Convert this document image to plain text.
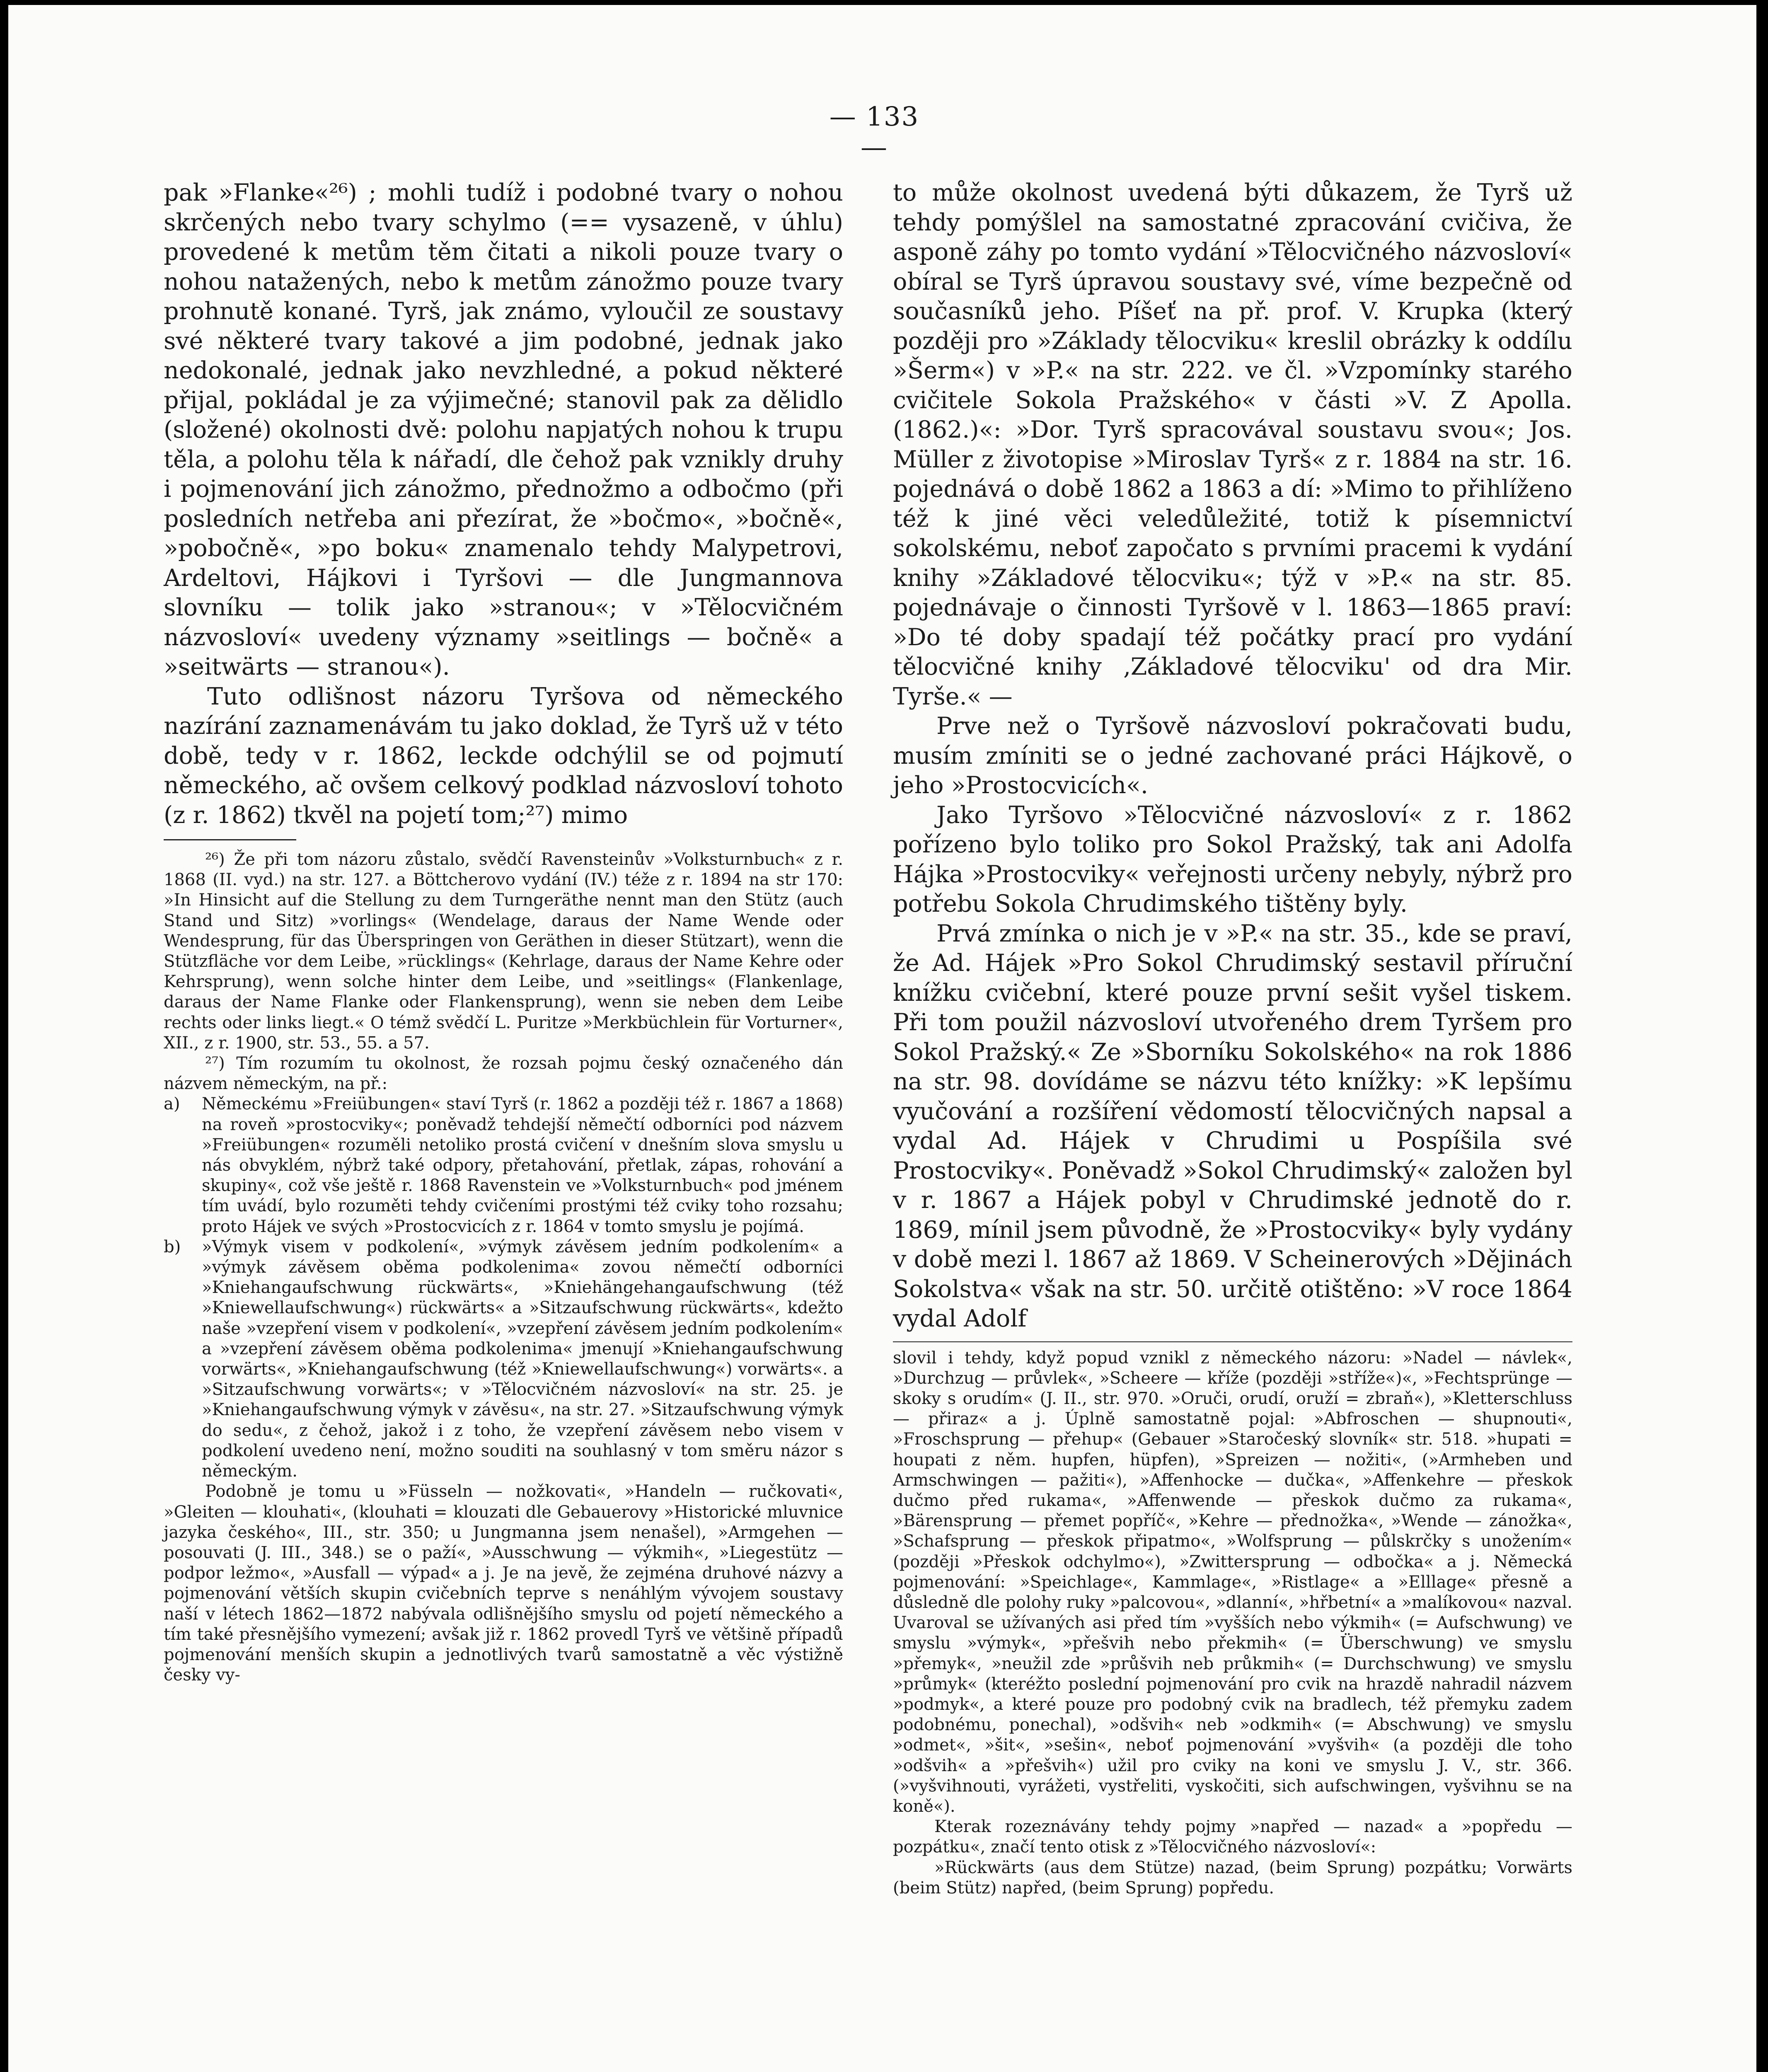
— 133 —

pak »Flanke«²⁶) ; mohli tudíž i podobné tvary o nohou skrčených nebo tvary schylmo (== vysazeně, v úhlu) provedené k metům těm čitati a nikoli pouze tvary o nohou natažených, nebo k metům zánožmo pouze tvary prohnutě konané. Tyrš, jak známo, vyloučil ze soustavy své některé tvary takové a jim podobné, jednak jako nedokonalé, jednak jako nevzhledné, a pokud některé přijal, pokládal je za výjimečné; stanovil pak za dělidlo (složené) okolnosti dvě: polohu napjatých nohou k trupu těla, a polohu těla k nářadí, dle čehož pak vznikly druhy i pojmenování jich zánožmo, přednožmo a odbočmo (při posledních netřeba ani přezírat, že »bočmo«, »bočně«, »pobočně«, »po boku« znamenalo tehdy Malypetrovi, Ardeltovi, Hájkovi i Tyršovi — dle Jungmannova slovníku — tolik jako »stranou«; v »Tělocvičném názvosloví« uvedeny významy »seitlings — bočně« a »seitwärts — stranou«).

Tuto odlišnost názoru Tyršova od německého nazírání zaznamenávám tu jako doklad, že Tyrš už v této době, tedy v r. 1862, leckde odchýlil se od pojmutí německého, ač ovšem celkový podklad názvosloví tohoto (z r. 1862) tkvěl na pojetí tom;²⁷) mimo

²⁶) Že při tom názoru zůstalo, svědčí Ravensteinův »Volksturnbuch« z r. 1868 (II. vyd.) na str. 127. a Böttcherovo vydání (IV.) téže z r. 1894 na str 170: »In Hinsicht auf die Stellung zu dem Turngeräthe nennt man den Stütz (auch Stand und Sitz) »vorlings« (Wendelage, daraus der Name Wende oder Wendesprung, für das Überspringen von Geräthen in dieser Stützart), wenn die Stützfläche vor dem Leibe, »rücklings« (Kehrlage, daraus der Name Kehre oder Kehrsprung), wenn solche hinter dem Leibe, und »seitlings« (Flankenlage, daraus der Name Flanke oder Flankensprung), wenn sie neben dem Leibe rechts oder links liegt.« O témž svědčí L. Puritze »Merkbüchlein für Vorturner«, XII., z r. 1900, str. 53., 55. a 57.

²⁷) Tím rozumím tu okolnost, že rozsah pojmu český označeného dán názvem německým, na př.:

a)	Německému »Freiübungen« staví Tyrš (r. 1862 a později též r. 1867 a 1868) na roveň »prostocviky«; poněvadž tehdejší němečtí odborníci pod názvem »Freiübungen« rozuměli netoliko prostá cvičení v dnešním slova smyslu u nás obvyklém, nýbrž také odpory, přetahování, přetlak, zápas, rohování a skupiny«, což vše ještě r. 1868 Ravenstein ve »Volksturnbuch« pod jménem tím uvádí, bylo rozuměti tehdy cvičeními prostými též cviky toho rozsahu; proto Hájek ve svých »Prostocvicích z r. 1864 v tomto smyslu je pojímá.
b)	»Výmyk visem v podkolení«, »výmyk závěsem jedním podkolením« a »výmyk závěsem oběma podkolenima« zovou němečtí odborníci »Kniehangaufschwung rückwärts«, »Kniehängehangaufschwung (též »Kniewellaufschwung«) rückwärts« a »Sitzaufschwung rückwärts«, kdežto naše »vzepření visem v podkolení«, »vzepření závěsem jedním podkolením« a »vzepření závěsem oběma podkolenima« jmenují »Kniehangaufschwung vorwärts«, »Kniehangaufschwung (též »Kniewellaufschwung«) vorwärts«. a »Sitzaufschwung vorwärts«; v »Tělocvičném názvosloví« na str. 25. je »Kniehangaufschwung výmyk v závěsu«, na str. 27. »Sitzaufschwung výmyk do sedu«, z čehož, jakož i z toho, že vzepření závěsem nebo visem v podkolení uvedeno není, možno souditi na souhlasný v tom směru názor s německým.

Podobně je tomu u »Füsseln — nožkovati«, »Handeln — ručkovati«, »Gleiten — klouhati«, (klouhati = klouzati dle Gebauerovy »Historické mluvnice jazyka českého«, III., str. 350; u Jungmanna jsem nenašel), »Armgehen — posouvati (J. III., 348.) se o paží«, »Ausschwung — výkmih«, »Liegestütz — podpor ležmo«, »Ausfall — výpad« a j. Je na jevě, že zejména druhové názvy a pojmenování větších skupin cvičebních teprve s nenáhlým vývojem soustavy naší v létech 1862—1872 nabývala odlišnějšího smyslu od pojetí německého a tím také přesnějšího vymezení; avšak již r. 1862 provedl Tyrš ve většině případů pojmenování menších skupin a jednotlivých tvarů samostatně a věc výstižně česky vy-

to může okolnost uvedená býti důkazem, že Tyrš už tehdy pomýšlel na samostatné zpracování cvičiva, že asponě záhy po tomto vydání »Tělocvičného názvosloví« obíral se Tyrš úpravou soustavy své, víme bezpečně od současníků jeho. Píšeť na př. prof. V. Krupka (který později pro »Základy tělocviku« kreslil obrázky k oddílu »Šerm«) v »P.« na str. 222. ve čl. »Vzpomínky starého cvičitele Sokola Pražského« v části »V. Z Apolla. (1862.)«: »Dor. Tyrš spracovával soustavu svou«; Jos. Müller z životopise »Miroslav Tyrš« z r. 1884 na str. 16. pojednává o době 1862 a 1863 a dí: »Mimo to přihlíženo též k jiné věci veledůležité, totiž k písemnictví sokolskému, neboť započato s prvními pracemi k vydání knihy »Základové tělocviku«; týž v »P.« na str. 85. pojednávaje o činnosti Tyršově v l. 1863—1865 praví: »Do té doby spadají též počátky prací pro vydání tělocvičné knihy ‚Základové tělocviku' od dra Mir. Tyrše.« —

Prve než o Tyršově názvosloví pokračovati budu, musím zmíniti se o jedné zachované práci Hájkově, o jeho »Prostocvicích«.

Jako Tyršovo »Tělocvičné názvosloví« z r. 1862 pořízeno bylo toliko pro Sokol Pražský, tak ani Adolfa Hájka »Prostocviky« veřejnosti určeny nebyly, nýbrž pro potřebu Sokola Chrudimského tištěny byly.

Prvá zmínka o nich je v »P.« na str. 35., kde se praví, že Ad. Hájek »Pro Sokol Chrudimský sestavil příruční knížku cvičební, které pouze první sešit vyšel tiskem. Při tom použil názvosloví utvořeného drem Tyršem pro Sokol Pražský.« Ze »Sborníku Sokolského« na rok 1886 na str. 98. dovídáme se názvu této knížky: »K lepšímu vyučování a rozšíření vědomostí tělocvičných napsal a vydal Ad. Hájek v Chrudimi u Pospíšila své Prostocviky«. Poněvadž »Sokol Chrudimský« založen byl v r. 1867 a Hájek pobyl v Chrudimské jednotě do r. 1869, mínil jsem původně, že »Prostocviky« byly vydány v době mezi l. 1867 až 1869. V Scheinerových »Dějinách Sokolstva« však na str. 50. určitě otištěno: »V roce 1864 vydal Adolf

slovil i tehdy, když popud vznikl z německého názoru: »Nadel — návlek«, »Durchzug — průvlek«, »Scheere — kříže (později »stříže«)«, »Fechtsprünge — skoky s orudím« (J. II., str. 970. »Oruči, orudí, oruží = zbraň«), »Kletterschluss — přiraz« a j. Úplně samostatně pojal: »Abfroschen — shupnouti«, »Froschsprung — přehup« (Gebauer »Staročeský slovník« str. 518. »hupati = houpati z něm. hupfen, hüpfen), »Spreizen — nožiti«, (»Armheben und Armschwingen — pažiti«), »Affenhocke — dučka«, »Affenkehre — přeskok dučmo před rukama«, »Affenwende — přeskok dučmo za rukama«, »Bärensprung — přemet popříč«, »Kehre — přednožka«, »Wende — zánožka«, »Schafsprung — přeskok připatmo«, »Wolfsprung — půlskrčky s unožením« (později »Přeskok odchylmo«), »Zwittersprung — odbočka« a j. Německá pojmenování: »Speichlage«, Kammlage«, »Ristlage« a »Elllage« přesně a důsledně dle polohy ruky »palcovou«, »dlanní«, »hřbetní« a »malíkovou« nazval. Uvaroval se užívaných asi před tím »vyšších nebo výkmih« (= Aufschwung) ve smyslu »výmyk«, »přešvih nebo překmih« (= Überschwung) ve smyslu »přemyk«, »neužil zde »průšvih neb průkmih« (= Durchschwung) ve smyslu »průmyk« (kteréžto poslední pojmenování pro cvik na hrazdě nahradil názvem »podmyk«, a které pouze pro podobný cvik na bradlech, též přemyku zadem podobnému, ponechal), »odšvih« neb »odkmih« (= Abschwung) ve smyslu »odmet«, »šit«, »sešin«, neboť pojmenování »vyšvih« (a později dle toho »odšvih« a »přešvih«) užil pro cviky na koni ve smyslu J. V., str. 366. (»vyšvihnouti, vyrážeti, vystřeliti, vyskočiti, sich aufschwingen, vyšvihnu se na koně«).

Kterak rozeznávány tehdy pojmy »napřed — nazad« a »popředu — pozpátku«, značí tento otisk z »Tělocvičného názvosloví«:

»Rückwärts (aus dem Stütze) nazad, (beim Sprung) pozpátku; Vorwärts (beim Stütz) napřed, (beim Sprung) popředu.
